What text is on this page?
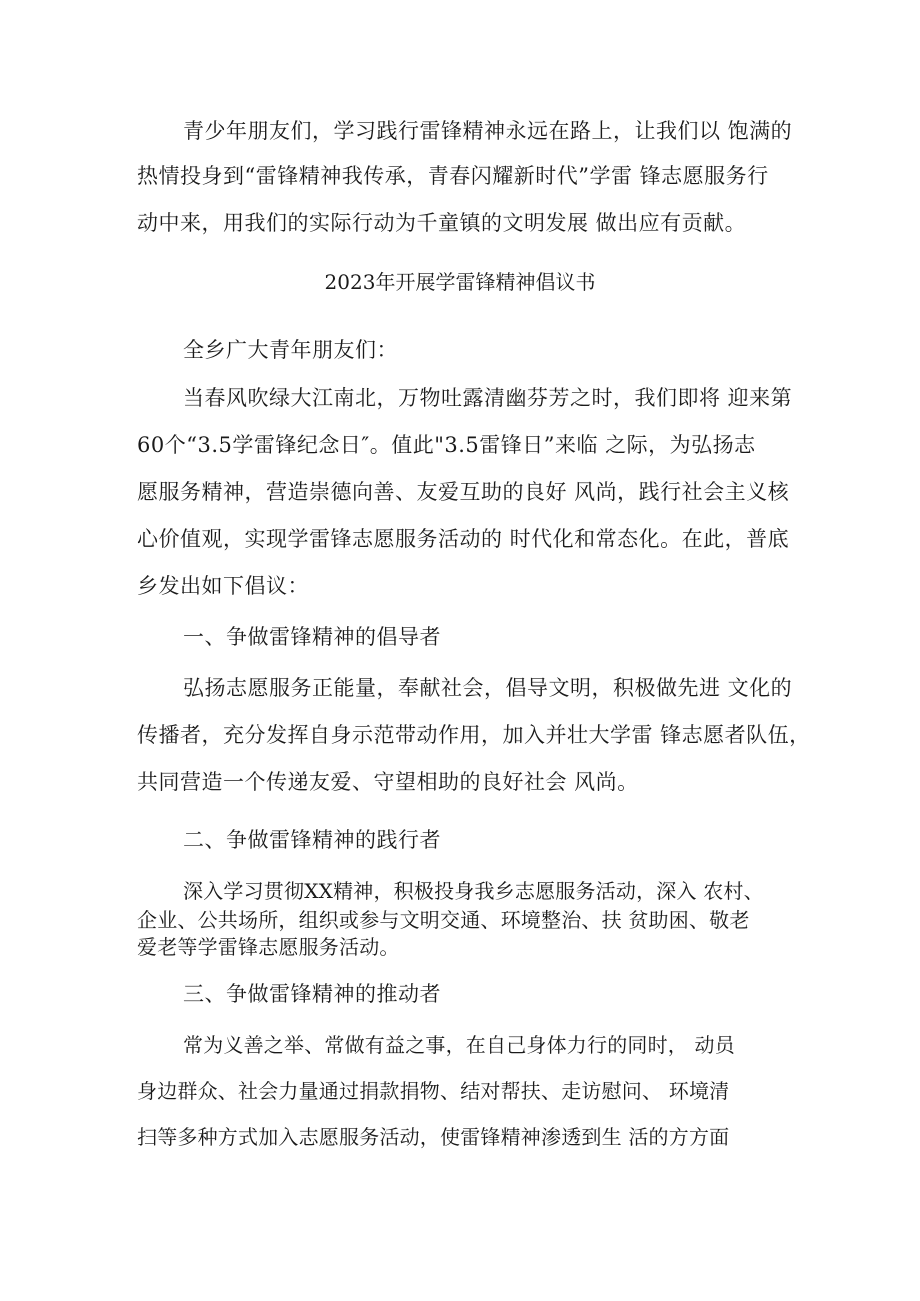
青少年朋友们，学习践行雷锋精神永远在路上，让我们以 饱满的
热情投身到“雷锋精神我传承，青春闪耀新时代”学雷 锋志愿服务行
动中来，用我们的实际行动为千童镇的文明发展 做出应有贡献。
2023年开展学雷锋精神倡议书
全乡广大青年朋友们：
当春风吹绿大江南北，万物吐露清幽芬芳之时，我们即将 迎来第
60个“3.5学雷锋纪念日″。值此"3.5雷锋日”来临 之际，为弘扬志
愿服务精神，营造崇德向善、友爱互助的良好 风尚，践行社会主义核
心价值观，实现学雷锋志愿服务活动的 时代化和常态化。在此，普底
乡发出如下倡议：
一、争做雷锋精神的倡导者
弘扬志愿服务正能量，奉献社会，倡导文明，积极做先进 文化的
传播者，充分发挥自身示范带动作用，加入并壮大学雷 锋志愿者队伍，
共同营造一个传递友爱、守望相助的良好社会 风尚。
二、争做雷锋精神的践行者
深入学习贯彻XX精神，积极投身我乡志愿服务活动，深入 农村、
企业、公共场所，组织或参与文明交通、环境整治、扶 贫助困、敬老
爱老等学雷锋志愿服务活动。
三、争做雷锋精神的推动者
常为义善之举、常做有益之事，在自己身体力行的同时， 动员
身边群众、社会力量通过捐款捐物、结对帮扶、走访慰问、 环境清
扫等多种方式加入志愿服务活动，使雷锋精神渗透到生 活的方方面
